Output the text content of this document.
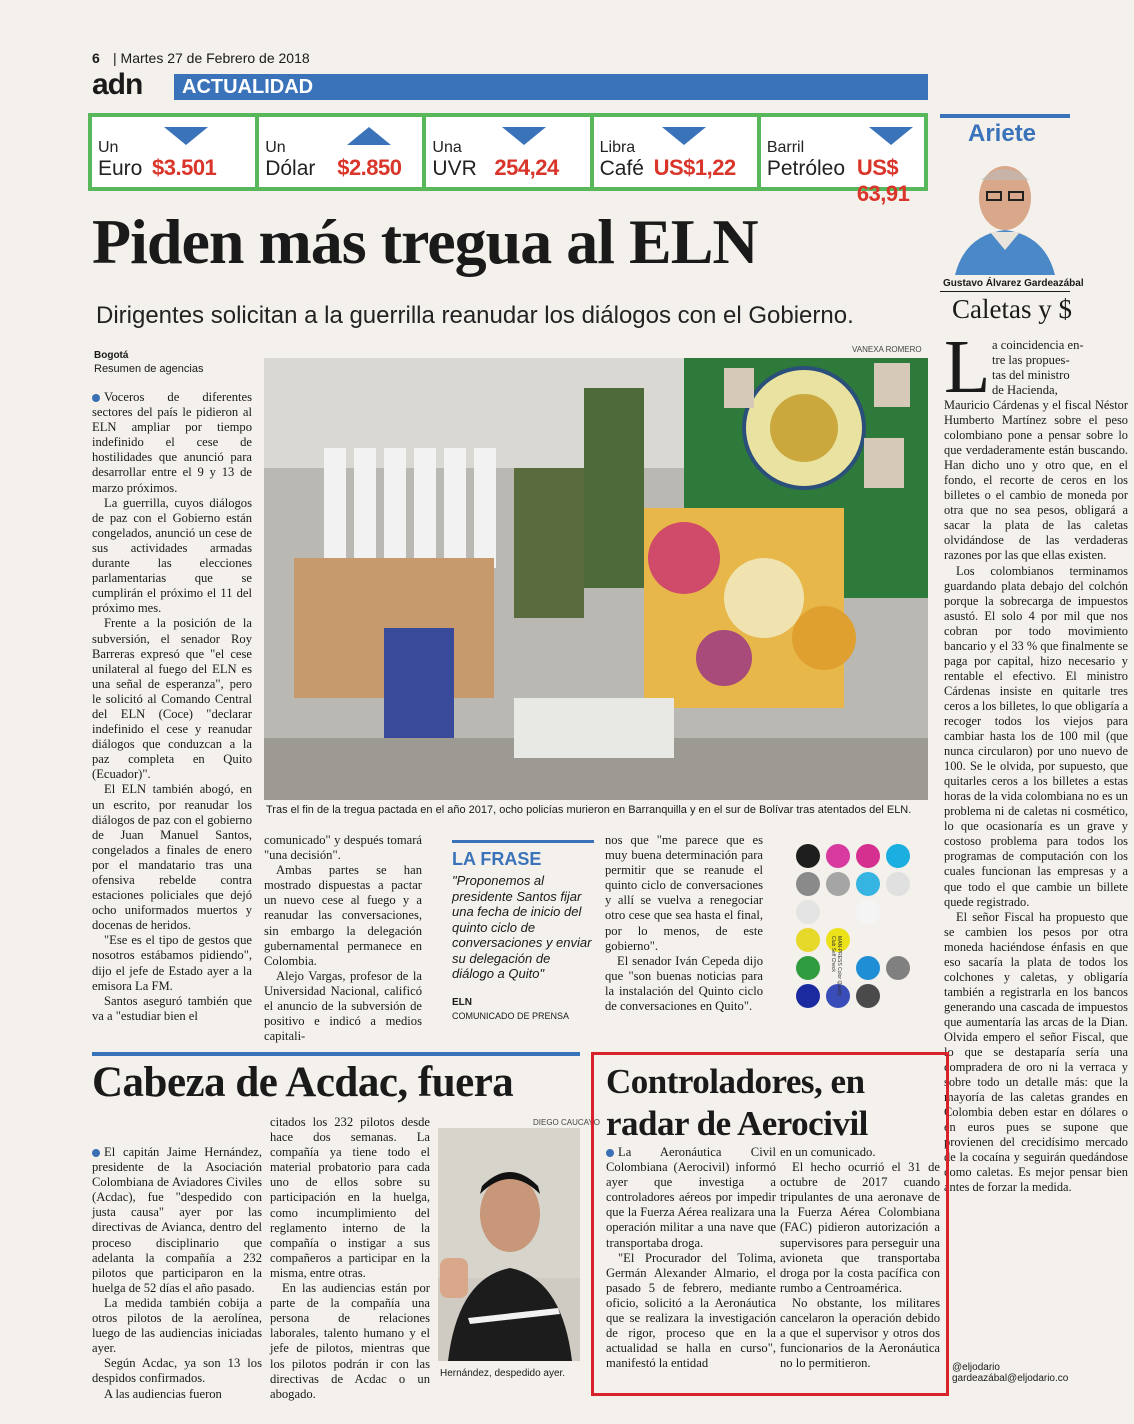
6 | Martes 27 de Febrero de 2018
adn	ACTUALIDAD
Un
Euro $3.501
Un
Dólar $2.850
Una
UVR 254,24
Libra
Café US$1,22
Barril
Petróleo US$ 63,91
Piden más tregua al ELN
Dirigentes solicitan a la guerrilla reanudar los diálogos con el Gobierno.
Bogotá
Resumen de agencias

Voceros de diferentes sectores del país le pidieron al ELN ampliar por tiempo indefinido el cese de hostilidades que anunció para desarrollar entre el 9 y 13 de marzo próximos.

La guerrilla, cuyos diálogos de paz con el Gobierno están congelados, anunció un cese de sus actividades armadas durante las elecciones parlamentarias que se cumplirán el próximo el 11 del próximo mes.

Frente a la posición de la subversión, el senador Roy Barreras expresó que "el cese unilateral al fuego del ELN es una señal de esperanza", pero le solicitó al Comando Central del ELN (Coce) "declarar indefinido el cese y reanudar diálogos que conduzcan a la paz completa en Quito (Ecuador)".

El ELN también abogó, en un escrito, por reanudar los diálogos de paz con el gobierno de Juan Manuel Santos, congelados a finales de enero por el mandatario tras una ofensiva rebelde contra estaciones policiales que dejó ocho uniformados muertos y docenas de heridos.

"Ese es el tipo de gestos que nosotros estábamos pidiendo", dijo el jefe de Estado ayer a la emisora La FM.

Santos aseguró también que va a "estudiar bien el

VANEXA ROMERO
Tras el fin de la tregua pactada en el año 2017, ocho policías murieron en Barranquilla y en el sur de Bolívar tras atentados del ELN.

comunicado" y después tomará "una decisión".

Ambas partes se han mostrado dispuestas a pactar un nuevo cese al fuego y a reanudar las conversaciones, sin embargo la delegación gubernamental permanece en Colombia.

Alejo Vargas, profesor de la Universidad Nacional, calificó el anuncio de la subversión de positivo e indicó a medios capitali-

LA FRASE
"Proponemos al presidente Santos fijar una fecha de inicio del quinto ciclo de conversaciones y enviar su delegación de diálogo a Quito"
ELN
COMUNICADO DE PRENSA

nos que "me parece que es muy buena determinación para permitir que se reanude el quinto ciclo de conversaciones y allí se vuelva a renegociar otro cese que sea hasta el final, por lo menos, de este gobierno".

El senador Iván Cepeda dijo que "son buenas noticias para la instalación del Quinto ciclo de conversaciones en Quito".

MAN-PRESS Color Quality Club Self Check
Ariete
Gustavo Álvarez Gardeazábal
Caletas y $
L a coincidencia en-
tre las propues-
tas del ministro
de Hacienda,

Mauricio Cárdenas y el fiscal Néstor Humberto Martínez sobre el peso colombiano pone a pensar sobre lo que verdaderamente están buscando. Han dicho uno y otro que, en el fondo, el recorte de ceros en los billetes o el cambio de moneda por otra que no sea pesos, obligará a sacar la plata de las caletas olvidándose de las verdaderas razones por las que ellas existen.

Los colombianos terminamos guardando plata debajo del colchón porque la sobrecarga de impuestos asustó. El solo 4 por mil que nos cobran por todo movimiento bancario y el 33 % que finalmente se paga por capital, hizo necesario y rentable el efectivo. El ministro Cárdenas insiste en quitarle tres ceros a los billetes, lo que obligaría a recoger todos los viejos para cambiar hasta los de 100 mil (que nunca circularon) por uno nuevo de 100. Se le olvida, por supuesto, que quitarles ceros a los billetes a estas horas de la vida colombiana no es un problema ni de caletas ni cosmético, lo que ocasionaría es un grave y costoso problema para todos los programas de computación con los cuales funcionan las empresas y a que todo el que cambie un billete quede registrado.

El señor Fiscal ha propuesto que se cambien los pesos por otra moneda haciéndose énfasis en que eso sacaría la plata de todos los colchones y caletas, y obligaría también a registrarla en los bancos generando una cascada de impuestos que aumentaría las arcas de la Dian. Olvida empero el señor Fiscal, que lo que se destaparía sería una compradera de oro ni la verraca y sobre todo un detalle más: que la mayoría de las caletas grandes en Colombia deben estar en dólares o en euros pues se supone que provienen del crecidísimo mercado de la cocaína y seguirán quedándose como caletas. Es mejor pensar bien antes de forzar la medida.

@eljodario
gardeazábal@eljodario.co
Cabeza de Acdac, fuera

El capitán Jaime Hernández, presidente de la Asociación Colombiana de Aviadores Civiles (Acdac), fue "despedido con justa causa" ayer por las directivas de Avianca, dentro del proceso disciplinario que adelanta la compañía a 232 pilotos que participaron en la huelga de 52 días el año pasado.

La medida también cobija a otros pilotos de la aerolínea, luego de las audiencias iniciadas ayer.

Según Acdac, ya son 13 los despidos confirmados.

A las audiencias fueron

citados los 232 pilotos desde hace dos semanas. La compañía ya tiene todo el material probatorio para cada uno de ellos sobre su participación en la huelga, como incumplimiento del reglamento interno de la compañía o instigar a sus compañeros a participar en la misma, entre otras.

En las audiencias están por parte de la compañía una persona de relaciones laborales, talento humano y el jefe de pilotos, mientras que los pilotos podrán ir con las directivas de Acdac o un abogado.

DIEGO CAUCAYO
Hernández, despedido ayer.
Controladores, en
radar de Aerocivil

La Aeronáutica Civil Colombiana (Aerocivil) informó ayer que investiga a controladores aéreos por impedir que la Fuerza Aérea realizara una operación militar a una nave que transportaba droga.

"El Procurador del Tolima, Germán Alexander Almario, el pasado 5 de febrero, mediante oficio, solicitó a la Aeronáutica que se realizara la investigación de rigor, proceso que en la actualidad se halla en curso", manifestó la entidad

en un comunicado.

El hecho ocurrió el 31 de octubre de 2017 cuando tripulantes de una aeronave de la Fuerza Aérea Colombiana (FAC) pidieron autorización a supervisores para perseguir una avioneta que transportaba droga por la costa pacífica con rumbo a Centroamérica.

No obstante, los militares cancelaron la operación debido a que el supervisor y otros dos funcionarios de la Aeronáutica no lo permitieron.
